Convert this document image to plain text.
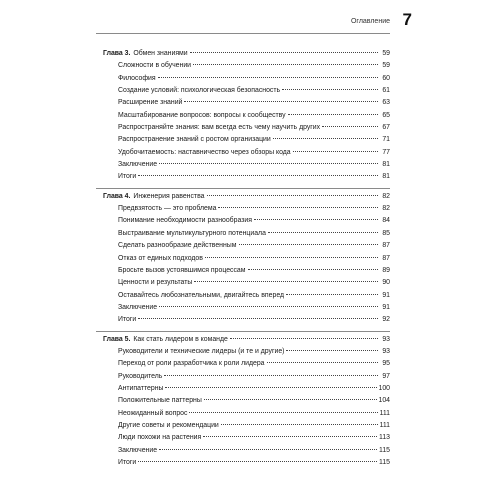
Оглавление 7
Глава 3. Обмен знаниями	59
Сложности в обучении	59
Философия	60
Создание условий: психологическая безопасность	61
Расширение знаний	63
Масштабирование вопросов: вопросы к сообществу	65
Распространяйте знания: вам всегда есть чему научить других	67
Распространение знаний с ростом организации	71
Удобочитаемость: наставничество через обзоры кода	77
Заключение	81
Итоги	81
Глава 4. Инженерия равенства	82
Предвзятость — это проблема	82
Понимание необходимости разнообразия	84
Выстраивание мультикультурного потенциала	85
Сделать разнообразие действенным	87
Отказ от единых подходов	87
Бросьте вызов устоявшимся процессам	89
Ценности и результаты	90
Оставайтесь любознательными, двигайтесь вперед	91
Заключение	91
Итоги	92
Глава 5. Как стать лидером в команде	93
Руководители и технические лидеры (и те и другие)	93
Переход от роли разработчика к роли лидера	95
Руководитель	97
Антипаттерны	100
Положительные паттерны	104
Неожиданный вопрос	111
Другие советы и рекомендации	111
Люди похожи на растения	113
Заключение	115
Итоги	115
